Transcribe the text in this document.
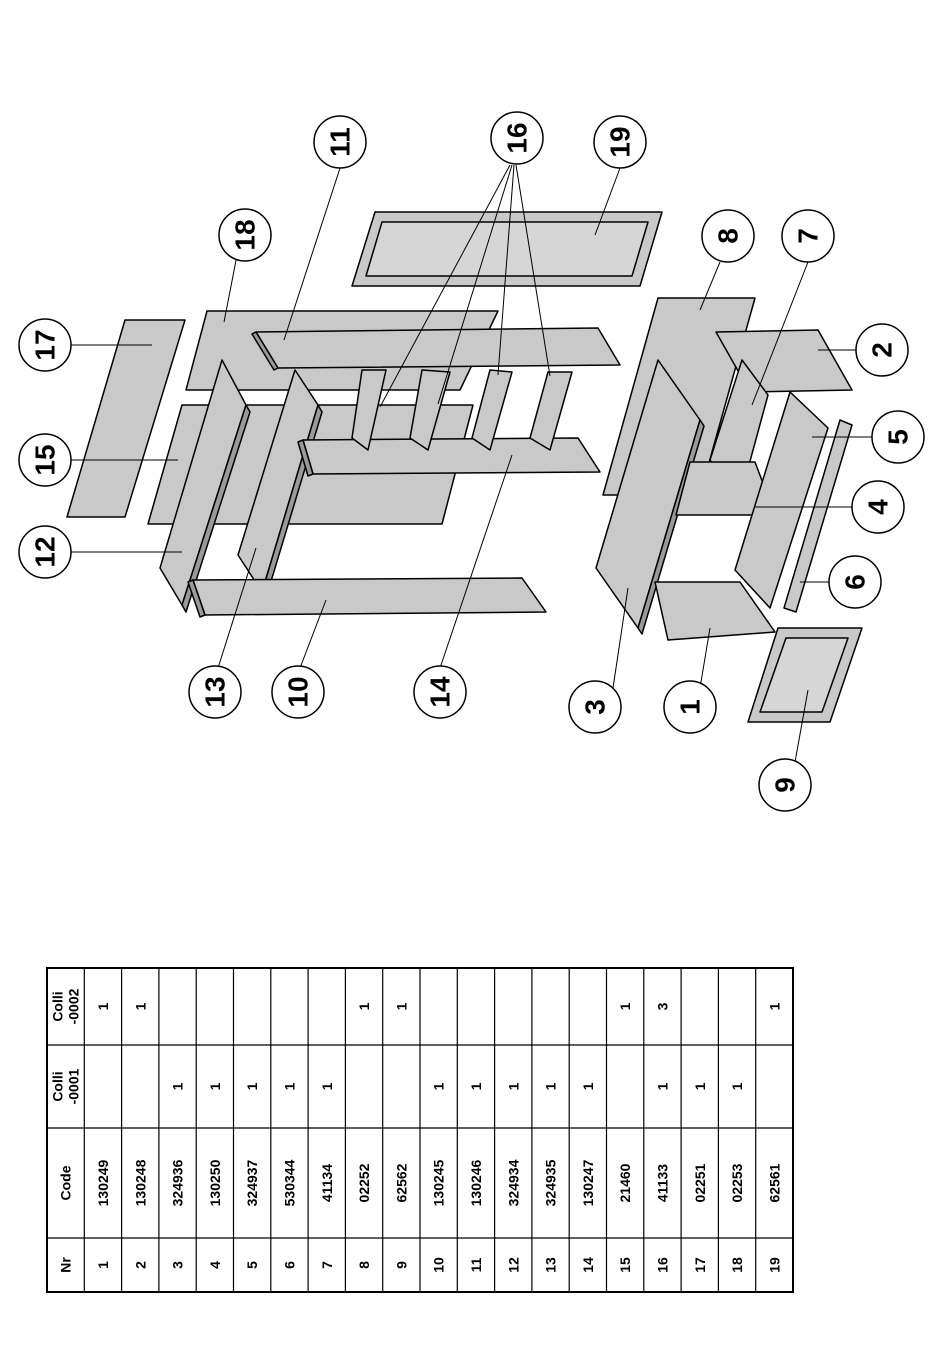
1
2
3
4
5
6
7
8
9
10
11
12
13	14
15
16
17
18
19
Nr
Code
Colli -0001
Colli -0002
1
130249
1
2
130248
1
3
324936
1
4
130250
1
5
324937
1
6
530344
1
7
41134
1
8
02252
1
9
62562
1
10
130245
1
11
130246
1
12
324934
1
13
324935
1
14
130247
1
15
21460
1
16
41133
1
3
17
02251
1
18
02253
1
19
62561
1
